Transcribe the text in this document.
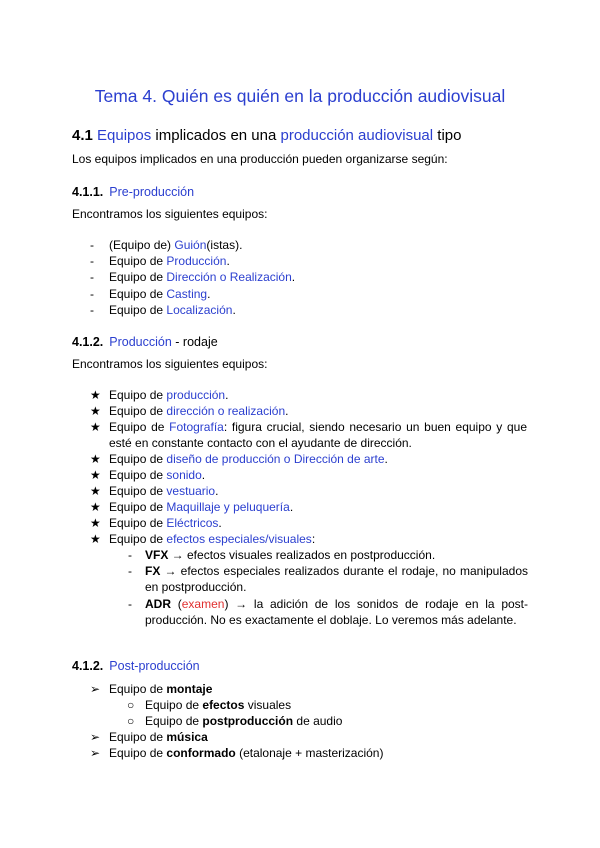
Tema 4. Quién es quién en la producción audiovisual
4.1 Equipos implicados en una producción audiovisual tipo
Los equipos implicados en una producción pueden organizarse según:
4.1.1. Pre-producción
Encontramos los siguientes equipos:
- (Equipo de) Guión(istas).
- Equipo de Producción.
- Equipo de Dirección o Realización.
- Equipo de Casting.
- Equipo de Localización.
4.1.2. Producción - rodaje
Encontramos los siguientes equipos:
★ Equipo de producción.
★ Equipo de dirección o realización.
★ Equipo de Fotografía: figura crucial, siendo necesario un buen equipo y que esté en constante contacto con el ayudante de dirección.
★ Equipo de diseño de producción o Dirección de arte.
★ Equipo de sonido.
★ Equipo de vestuario.
★ Equipo de Maquillaje y peluquería.
★ Equipo de Eléctricos.
★ Equipo de efectos especiales/visuales:
- VFX → efectos visuales realizados en postproducción.
- FX → efectos especiales realizados durante el rodaje, no manipulados en postproducción.
- ADR (examen) → la adición de los sonidos de rodaje en la post-producción. No es exactamente el doblaje. Lo veremos más adelante.
4.1.2. Post-producción
➢ Equipo de montaje
○ Equipo de efectos visuales
○ Equipo de postproducción de audio
➢ Equipo de música
➢ Equipo de conformado (etalonaje + masterización)
